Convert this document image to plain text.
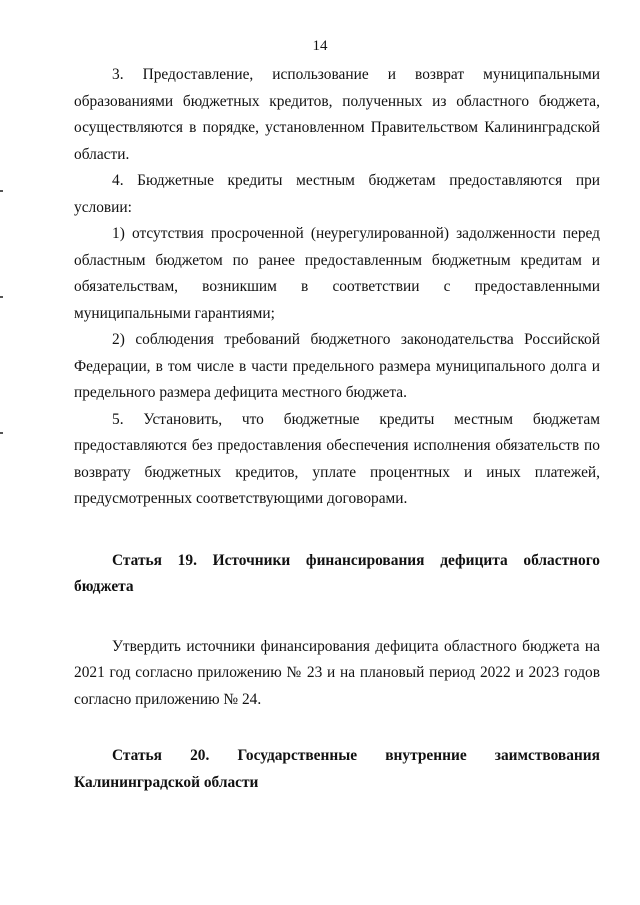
14

3. Предоставление, использование и возврат муниципальными образованиями бюджетных кредитов, полученных из областного бюджета, осуществляются в порядке, установленном Правительством Калининградской области.

4. Бюджетные кредиты местным бюджетам предоставляются при условии:

1) отсутствия просроченной (неурегулированной) задолженности перед областным бюджетом по ранее предоставленным бюджетным кредитам и обязательствам, возникшим в соответствии с предоставленными муниципальными гарантиями;

2) соблюдения требований бюджетного законодательства Российской Федерации, в том числе в части предельного размера муниципального долга и предельного размера дефицита местного бюджета.

5. Установить, что бюджетные кредиты местным бюджетам предоставляются без предоставления обеспечения исполнения обязательств по возврату бюджетных кредитов, уплате процентных и иных платежей, предусмотренных соответствующими договорами.

Статья 19. Источники финансирования дефицита областного бюджета

Утвердить источники финансирования дефицита областного бюджета на 2021 год согласно приложению № 23 и на плановый период 2022 и 2023 годов согласно приложению № 24.

Статья 20. Государственные внутренние заимствования Калининградской области
